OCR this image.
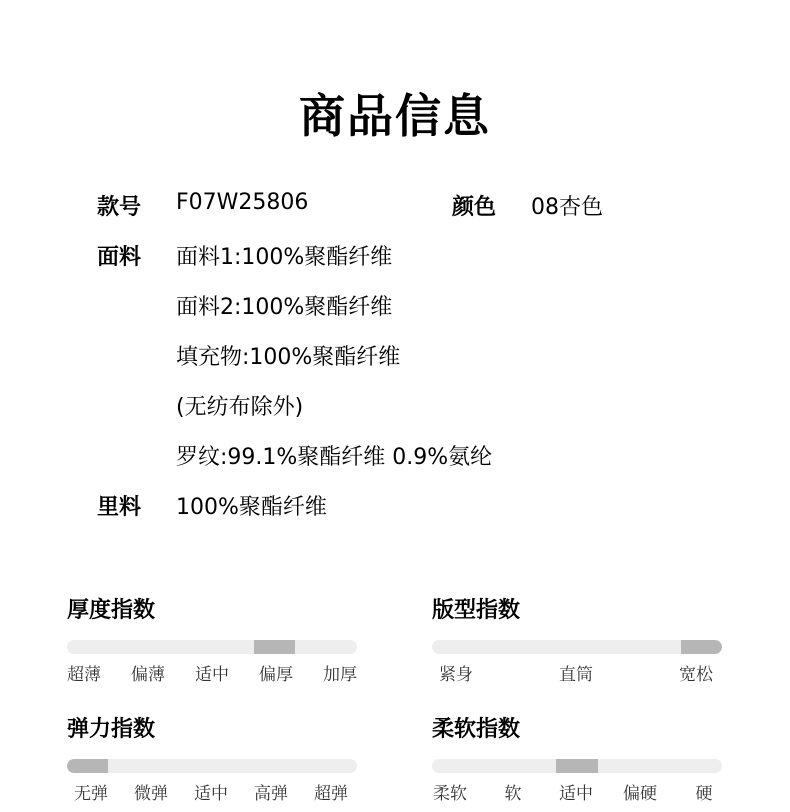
商品信息
款号 F07W25806	颜色 08杏色
面料 面料1:100%聚酯纤维
面料2:100%聚酯纤维
填充物:100%聚酯纤维
(无纺布除外)
罗纹:99.1%聚酯纤维 0.9%氨纶
里料 100%聚酯纤维
厚度指数
超薄 偏薄 适中 偏厚 加厚
版型指数
紧身	直筒	宽松
弹力指数
无弹 微弹 适中 高弹 超弹
柔软指数
柔软 软 适中 偏硬 硬
